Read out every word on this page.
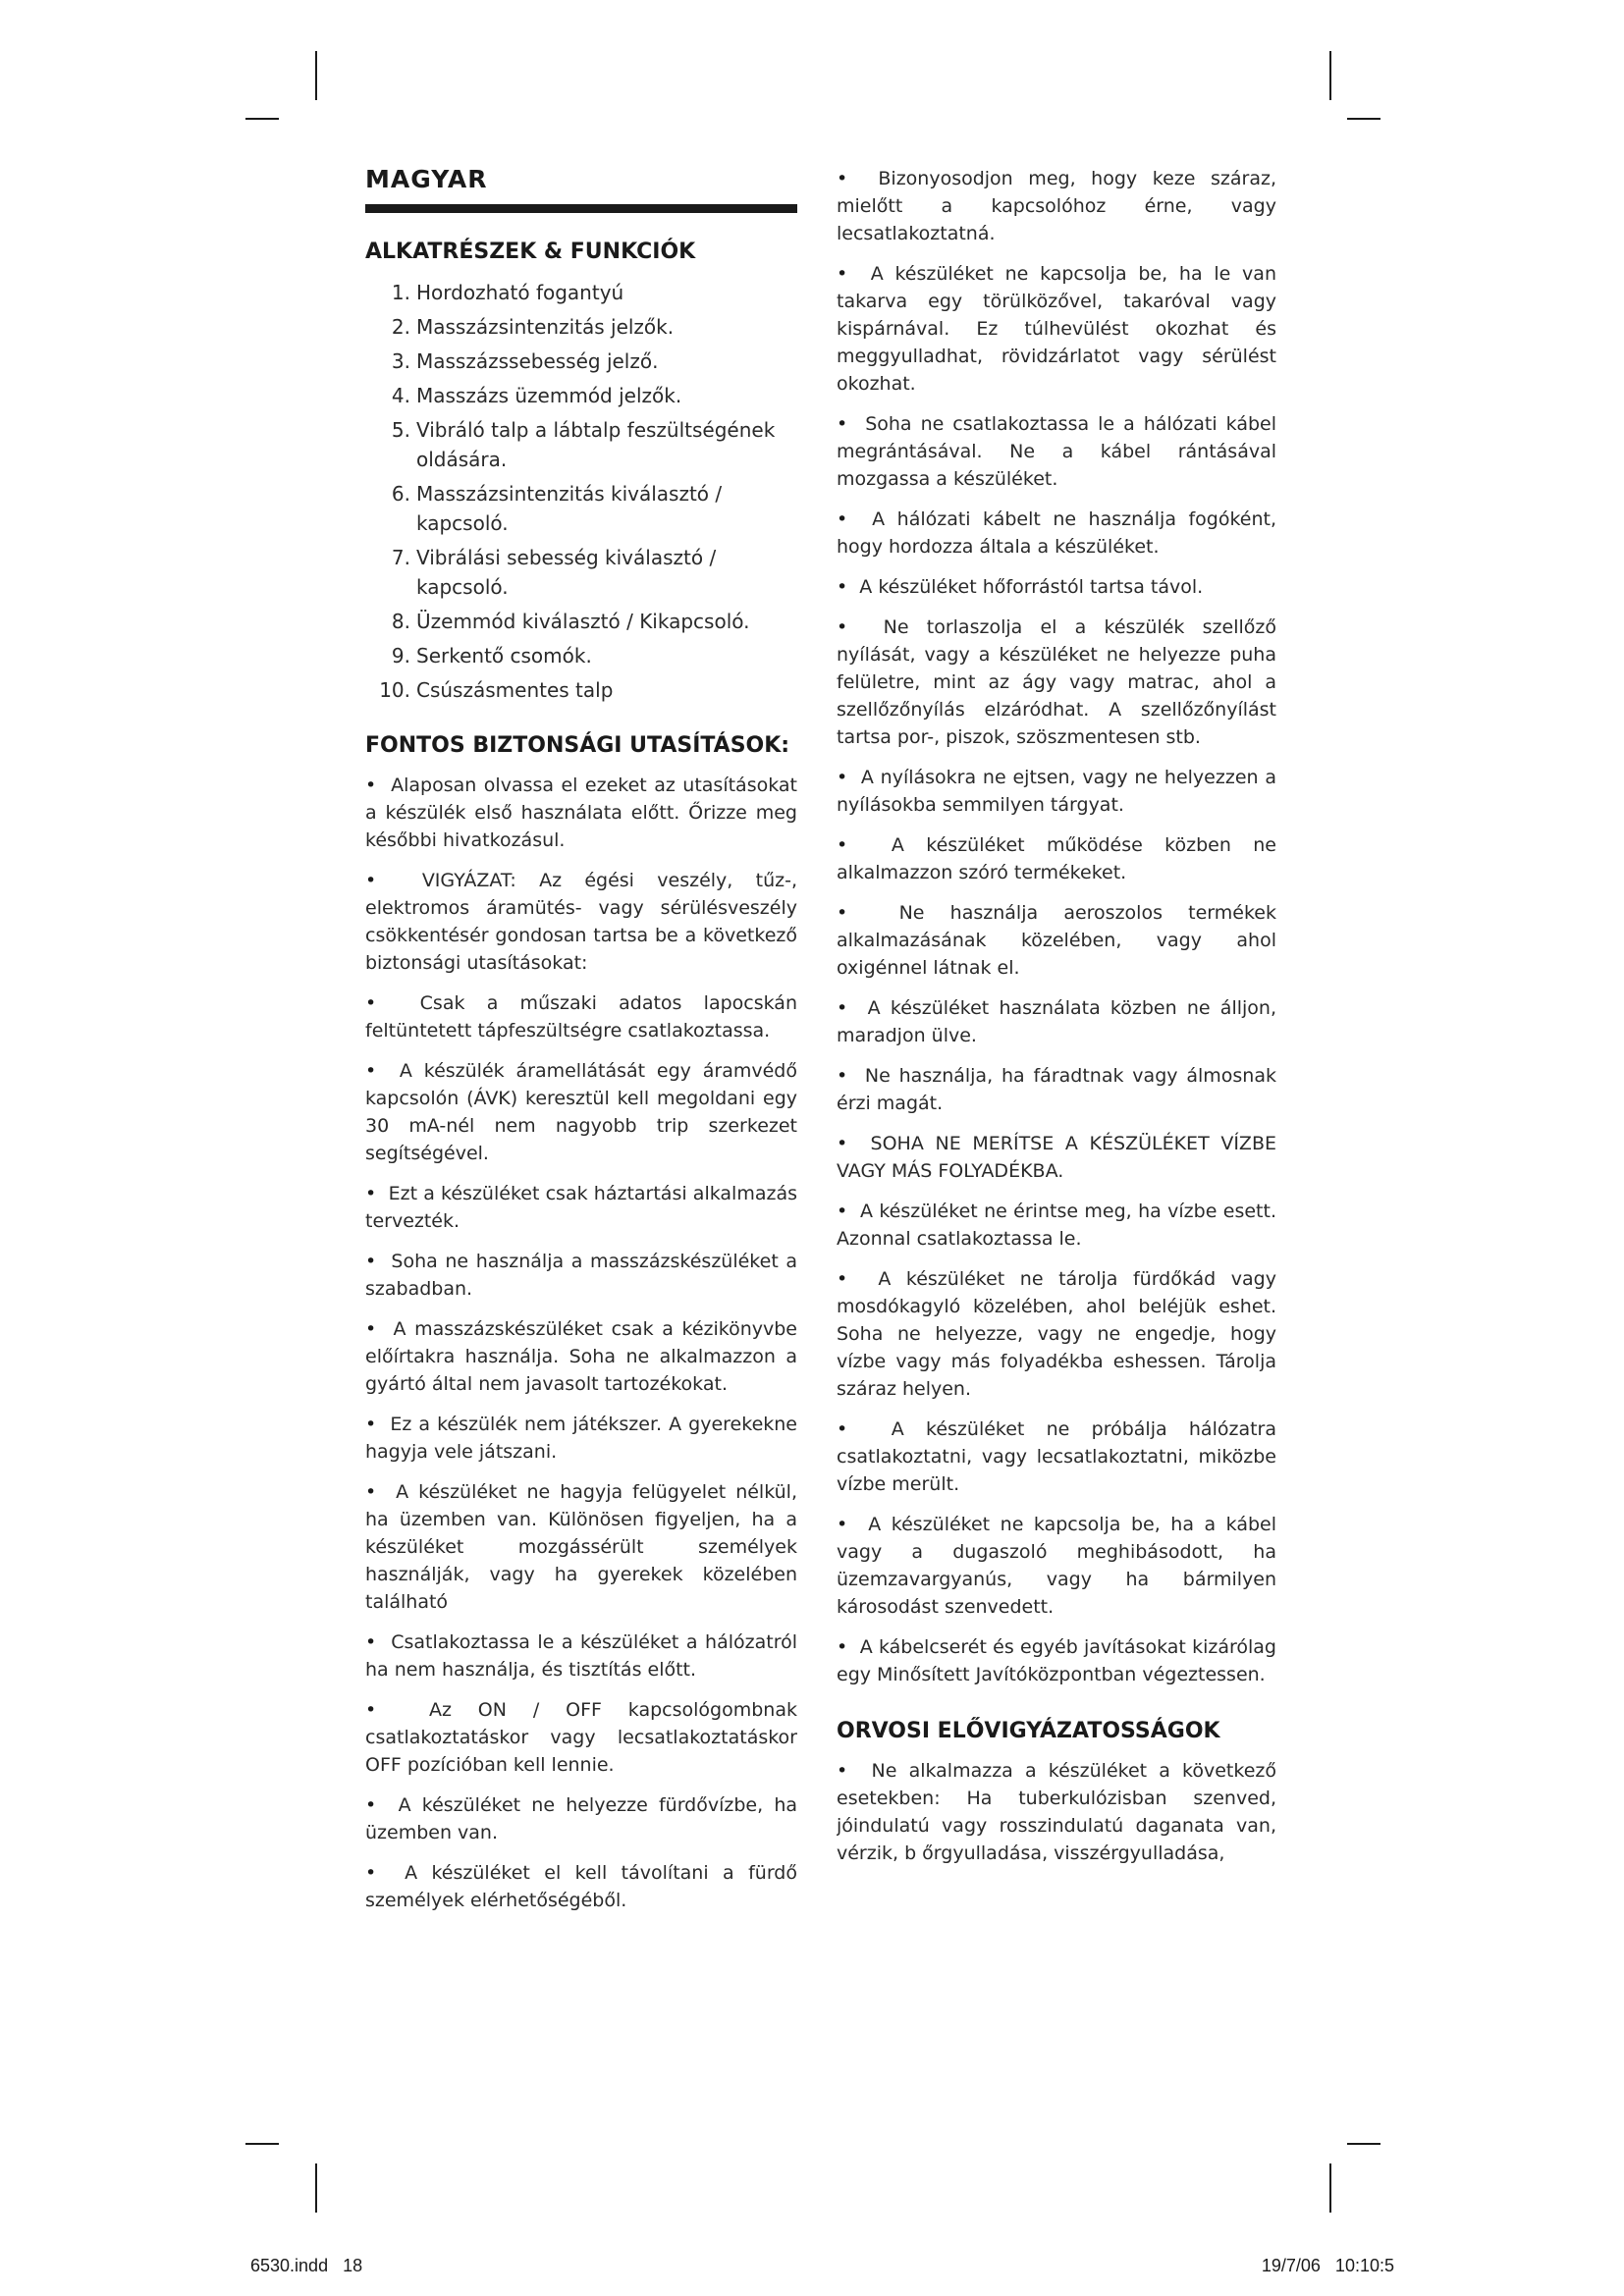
MAGYAR
ALKATRÉSZEK & FUNKCIÓK
1. Hordozható fogantyú
2. Masszázsintenzitás jelzők.
3. Masszázssebesség jelző.
4. Masszázs üzemmód jelzők.
5. Vibráló talp a lábtalp feszültségének oldására.
6. Masszázsintenzitás kiválasztó / kapcsoló.
7. Vibrálási sebesség kiválasztó / kapcsoló.
8. Üzemmód kiválasztó / Kikapcsoló.
9. Serkentő csomók.
10. Csúszásmentes talp
FONTOS BIZTONSÁGI UTASÍTÁSOK:
•  Alaposan olvassa el ezeket az utasításokat a készülék első használata előtt. Őrizze meg későbbi hivatkozásul.
•  VIGYÁZAT: Az égési veszély, tűz-, elektromos áramütés- vagy sérülésveszély csökkentésér gondosan tartsa be a következő biztonsági utasításokat:
•  Csak a műszaki adatos lapocskán feltüntetett tápfeszültségre csatlakoztassa.
•  A készülék áramellátását egy áramvédő kapcsolón (ÁVK) keresztül kell megoldani egy 30 mA-nél nem nagyobb trip szerkezet segítségével.
•  Ezt a készüléket csak háztartási alkalmazás tervezték.
•  Soha ne használja a masszázskészüléket a szabadban.
•  A masszázskészüléket csak a kézikönyvbe előírtakra használja. Soha ne alkalmazzon a gyártó által nem javasolt tartozékokat.
•  Ez a készülék nem játékszer. A gyerekekne hagyja vele játszani.
•  A készüléket ne hagyja felügyelet nélkül, ha üzemben van. Különösen figyeljen, ha a készüléket mozgássérült személyek használják, vagy ha gyerekek közelében található
•  Csatlakoztassa le a készüléket a hálózatról ha nem használja, és tisztítás előtt.
•  Az ON / OFF kapcsológombnak csatlakoztatáskor vagy lecsatlakoztatáskor OFF pozícióban kell lennie.
•  A készüléket ne helyezze fürdővízbe, ha üzemben van.
•  A készüléket el kell távolítani a fürdő személyek elérhetőségéből.
•  Bizonyosodjon meg, hogy keze száraz, mielőtt a kapcsolóhoz érne, vagy lecsatlakoztatná.
•  A készüléket ne kapcsolja be, ha le van takarva egy törülközővel, takaróval vagy kispárnával. Ez túlhevülést okozhat és meggyulladhat, rövidzárlatot vagy sérülést okozhat.
•  Soha ne csatlakoztassa le a hálózati kábel megrántásával. Ne a kábel rántásával mozgassa a készüléket.
•  A hálózati kábelt ne használja fogóként, hogy hordozza általa a készüléket.
•  A készüléket hőforrástól tartsa távol.
•  Ne torlaszolja el a készülék szellőző nyílását, vagy a készüléket ne helyezze puha felületre, mint az ágy vagy matrac, ahol a szellőzőnyílás elzáródhat. A szellőzőnyílást tartsa por-, piszok, szöszmentesen stb.
•  A nyílásokra ne ejtsen, vagy ne helyezzen a nyílásokba semmilyen tárgyat.
•  A készüléket működése közben ne alkalmazzon szóró termékeket.
•  Ne használja aeroszolos termékek alkalmazásának közelében, vagy ahol oxigénnel látnak el.
•  A készüléket használata közben ne álljon, maradjon ülve.
•  Ne használja, ha fáradtnak vagy álmosnak érzi magát.
•  SOHA NE MERÍTSE A KÉSZÜLÉKET VÍZBE VAGY MÁS FOLYADÉKBA.
•  A készüléket ne érintse meg, ha vízbe esett. Azonnal csatlakoztassa le.
•  A készüléket ne tárolja fürdőkád vagy mosdókagyló közelében, ahol beléjük eshet. Soha ne helyezze, vagy ne engedje, hogy vízbe vagy más folyadékba eshessen. Tárolja száraz helyen.
•  A készüléket ne próbálja hálózatra csatlakoztatni, vagy lecsatlakoztatni, miközbe vízbe merült.
•  A készüléket ne kapcsolja be, ha a kábel vagy a dugaszoló meghibásodott, ha üzemzavargyanús, vagy ha bármilyen károsodást szenvedett.
•  A kábelcserét és egyéb javításokat kizárólag egy Minősített Javítóközpontban végeztessen.
ORVOSI ELŐVIGYÁZATOSSÁGOK
•  Ne alkalmazza a készüléket a következő esetekben: Ha tuberkulózisban szenved, jóindulatú vagy rosszindulatú daganata van, vérzik, b őrgyulladása, visszérgyulladása,
6530.indd   18	19/7/06   10:10:5
